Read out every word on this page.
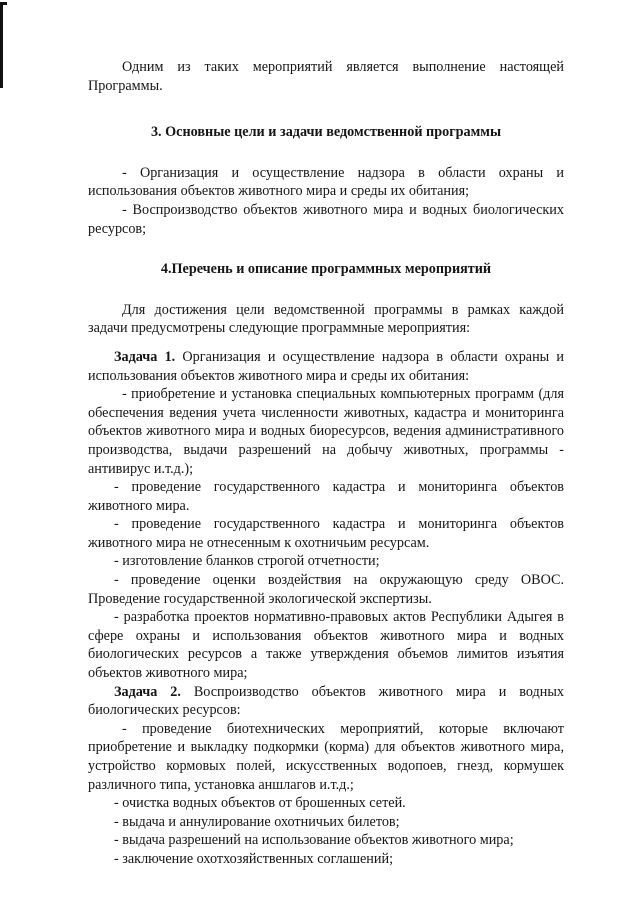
Одним из таких мероприятий является выполнение настоящей Программы.

3. Основные цели и задачи ведомственной программы

- Организация и осуществление надзора в области охраны и использования объектов животного мира и среды их обитания;

- Воспроизводство объектов животного мира и водных биологических ресурсов;

4.Перечень и описание программных мероприятий

Для достижения цели ведомственной программы в рамках каждой задачи предусмотрены следующие программные мероприятия:

Задача 1. Организация и осуществление надзора в области охраны и использования объектов животного мира и среды их обитания:

- приобретение и установка специальных компьютерных программ (для обеспечения ведения учета численности животных, кадастра и мониторинга объектов животного мира и водных биоресурсов, ведения административного производства, выдачи разрешений на добычу животных, программы - антивирус и.т.д.);

- проведение государственного кадастра и мониторинга объектов животного мира.

- проведение государственного кадастра и мониторинга объектов животного мира не отнесенным к охотничьим ресурсам.

- изготовление бланков строгой отчетности;

- проведение оценки воздействия на окружающую среду ОВОС. Проведение государственной экологической экспертизы.

- разработка проектов нормативно-правовых актов Республики Адыгея в сфере охраны и использования объектов животного мира и водных биологических ресурсов а также утверждения объемов лимитов изъятия объектов животного мира;

Задача 2. Воспроизводство объектов животного мира и водных биологических ресурсов:

- проведение биотехнических мероприятий, которые включают приобретение и выкладку подкормки (корма) для объектов животного мира, устройство кормовых полей, искусственных водопоев, гнезд, кормушек различного типа, установка аншлагов и.т.д.;

- очистка водных объектов от брошенных сетей.

- выдача и аннулирование охотничьих билетов;

- выдача разрешений на использование объектов животного мира;

- заключение охотхозяйственных соглашений;
